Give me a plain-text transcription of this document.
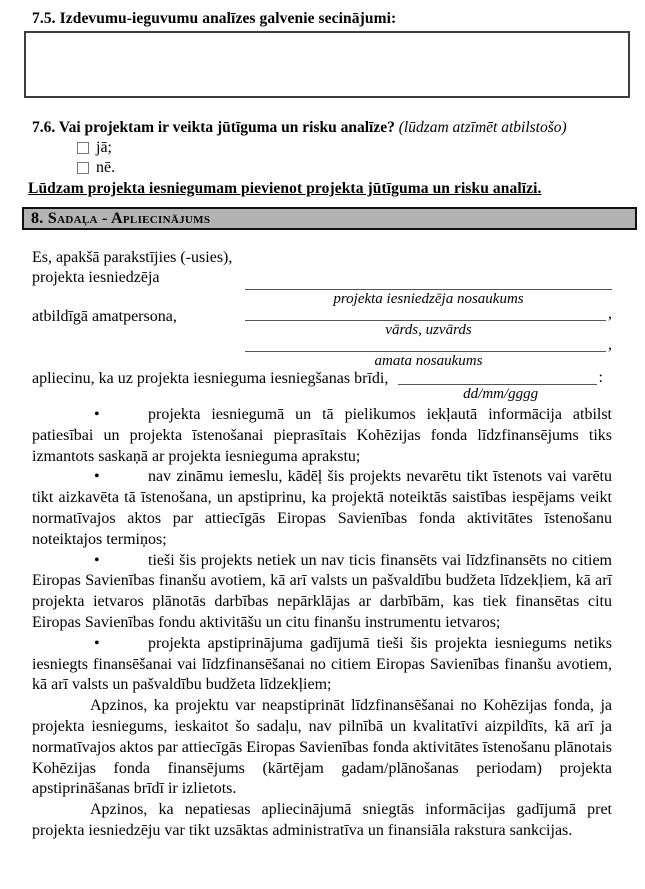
7.5. Izdevumu-ieguvumu analīzes galvenie secinājumi:
7.6. Vai projektam ir veikta jūtīguma un risku analīze? (lūdzam atzīmēt atbilstošo)
jā;
nē.
Lūdzam projekta iesniegumam pievienot projekta jūtīguma un risku analīzi.
8. Sadaļa - Apliecinājums
Es, apakšā parakstījies (-usies),
projekta iesniedzēja
projekta iesniedzēja nosaukums
atbildīgā amatpersona,	,
vārds, uzvārds
,
amata nosaukums
apliecinu, ka uz projekta iesnieguma iesniegšanas brīdi,	:
dd/mm/gggg

•	projekta iesniegumā un tā pielikumos iekļautā informācija atbilst patiesībai un projekta īstenošanai pieprasītais Kohēzijas fonda līdzfinansējums tiks izmantots saskaņā ar projekta iesnieguma aprakstu;

•	nav zināmu iemeslu, kādēļ šis projekts nevarētu tikt īstenots vai varētu tikt aizkavēta tā īstenošana, un apstiprinu, ka projektā noteiktās saistības iespējams veikt normatīvajos aktos par attiecīgās Eiropas Savienības fonda aktivitātes īstenošanu noteiktajos termiņos;

•	tieši šis projekts netiek un nav ticis finansēts vai līdzfinansēts no citiem Eiropas Savienības finanšu avotiem, kā arī valsts un pašvaldību budžeta līdzekļiem, kā arī projekta ietvaros plānotās darbības nepārklājas ar darbībām, kas tiek finansētas citu Eiropas Savienības fondu aktivitāšu un citu finanšu instrumentu ietvaros;

•	projekta apstiprinājuma gadījumā tieši šis projekta iesniegums netiks iesniegts finansēšanai vai līdzfinansēšanai no citiem Eiropas Savienības finanšu avotiem, kā arī valsts un pašvaldību budžeta līdzekļiem;

Apzinos, ka projektu var neapstiprināt līdzfinansēšanai no Kohēzijas fonda, ja projekta iesniegums, ieskaitot šo sadaļu, nav pilnībā un kvalitatīvi aizpildīts, kā arī ja normatīvajos aktos par attiecīgās Eiropas Savienības fonda aktivitātes īstenošanu plānotais Kohēzijas fonda finansējums (kārtējam gadam/plānošanas periodam) projekta apstiprināšanas brīdī ir izlietots.

Apzinos, ka nepatiesas apliecinājumā sniegtās informācijas gadījumā pret projekta iesniedzēju var tikt uzsāktas administratīva un finansiāla rakstura sankcijas.
